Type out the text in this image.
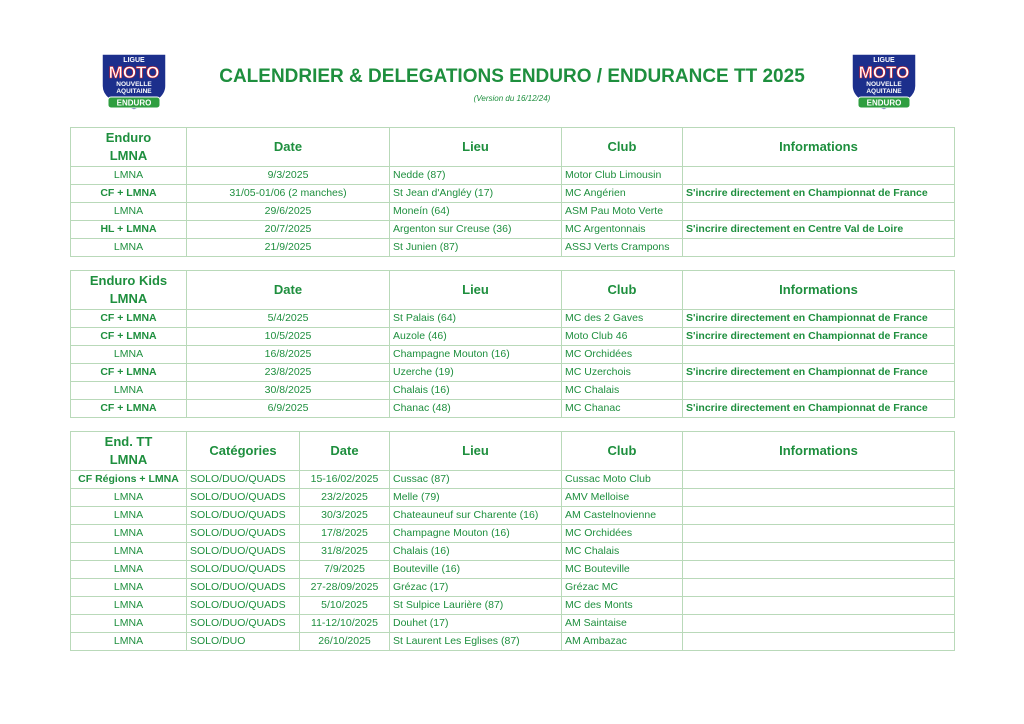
LIGUE
MOTO
NOUVELLE
AQUITAINE
ENDURO
LIGUE
MOTO
NOUVELLE
AQUITAINE
ENDURO
CALENDRIER & DELEGATIONS ENDURO / ENDURANCE TT 2025
(Version du 16/12/24)
Enduro
LMNA	Date	Lieu	Club	Informations
LMNA	9/3/2025	Nedde (87)	Motor Club Limousin	
CF + LMNA	31/05-01/06 (2 manches)	St Jean d'Angléy (17)	MC Angérien	S'incrire directement en Championnat de France
LMNA	29/6/2025	Moneín (64)	ASM Pau Moto Verte	
HL + LMNA	20/7/2025	Argenton sur Creuse (36)	MC Argentonnais	S'incrire directement en Centre Val de Loire
LMNA	21/9/2025	St Junien (87)	ASSJ Verts Crampons	
Enduro Kids
LMNA	Date	Lieu	Club	Informations
CF + LMNA	5/4/2025	St Palais (64)	MC des 2 Gaves	S'incrire directement en Championnat de France
CF + LMNA	10/5/2025	Auzole (46)	Moto Club 46	S'incrire directement en Championnat de France
LMNA	16/8/2025	Champagne Mouton (16)	MC Orchidées	
CF + LMNA	23/8/2025	Uzerche (19)	MC Uzerchois	S'incrire directement en Championnat de France
LMNA	30/8/2025	Chalais (16)	MC Chalais	
CF + LMNA	6/9/2025	Chanac (48)	MC Chanac	S'incrire directement en Championnat de France
End. TT
LMNA	Catégories	Date	Lieu	Club	Informations
CF Régions + LMNA	SOLO/DUO/QUADS	15-16/02/2025	Cussac (87)	Cussac Moto Club	
LMNA	SOLO/DUO/QUADS	23/2/2025	Melle (79)	AMV Melloise	
LMNA	SOLO/DUO/QUADS	30/3/2025	Chateauneuf sur Charente (16)	AM Castelnovienne	
LMNA	SOLO/DUO/QUADS	17/8/2025	Champagne Mouton (16)	MC Orchidées	
LMNA	SOLO/DUO/QUADS	31/8/2025	Chalais (16)	MC Chalais	
LMNA	SOLO/DUO/QUADS	7/9/2025	Bouteville (16)	MC Bouteville	
LMNA	SOLO/DUO/QUADS	27-28/09/2025	Grézac (17)	Grézac MC	
LMNA	SOLO/DUO/QUADS	5/10/2025	St Sulpice Laurière (87)	MC des Monts	
LMNA	SOLO/DUO/QUADS	11-12/10/2025	Douhet (17)	AM Saintaise	
LMNA	SOLO/DUO	26/10/2025	St Laurent Les Eglises (87)	AM Ambazac	
